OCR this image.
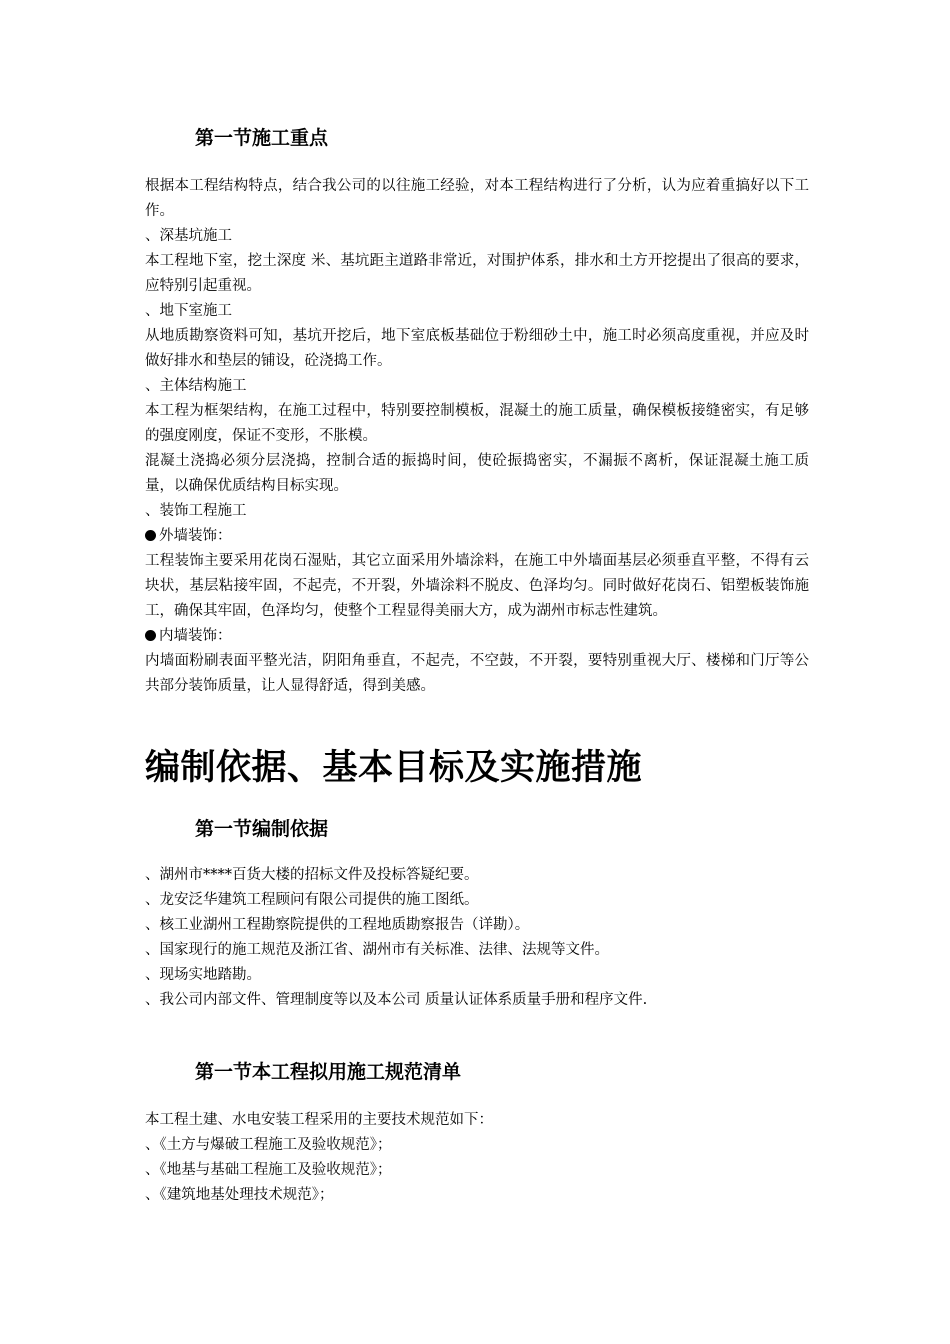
第一节施工重点

根据本工程结构特点，结合我公司的以往施工经验，对本工程结构进行了分析，认为应着重搞好以下工作。

、深基坑施工

本工程地下室，挖土深度 米、基坑距主道路非常近，对围护体系，排水和土方开挖提出了很高的要求，应特别引起重视。

、地下室施工

从地质勘察资料可知，基坑开挖后，地下室底板基础位于粉细砂土中，施工时必须高度重视，并应及时做好排水和垫层的铺设，砼浇捣工作。

、主体结构施工

本工程为框架结构，在施工过程中，特别要控制模板，混凝土的施工质量，确保模板接缝密实，有足够的强度刚度，保证不变形，不胀模。

混凝土浇捣必须分层浇捣，控制合适的振捣时间，使砼振捣密实，不漏振不离析，保证混凝土施工质量，以确保优质结构目标实现。

、装饰工程施工

外墙装饰：

工程装饰主要采用花岗石湿贴，其它立面采用外墙涂料，在施工中外墙面基层必须垂直平整，不得有云块状，基层粘接牢固，不起壳，不开裂，外墙涂料不脱皮、色泽均匀。同时做好花岗石、铝塑板装饰施工，确保其牢固，色泽均匀，使整个工程显得美丽大方，成为湖州市标志性建筑。

内墙装饰：

内墙面粉刷表面平整光洁，阴阳角垂直，不起壳，不空鼓，不开裂，要特别重视大厅、楼梯和门厅等公共部分装饰质量，让人显得舒适，得到美感。

编制依据、基本目标及实施措施
第一节编制依据

、湖州市****百货大楼的招标文件及投标答疑纪要。

、龙安泛华建筑工程顾问有限公司提供的施工图纸。

、核工业湖州工程勘察院提供的工程地质勘察报告（详勘）。

、国家现行的施工规范及浙江省、湖州市有关标准、法律、法规等文件。

、现场实地踏勘。

、我公司内部文件、管理制度等以及本公司 质量认证体系质量手册和程序文件.

第一节本工程拟用施工规范清单

本工程土建、水电安装工程采用的主要技术规范如下：

、《土方与爆破工程施工及验收规范》；

、《地基与基础工程施工及验收规范》；

、《建筑地基处理技术规范》；
